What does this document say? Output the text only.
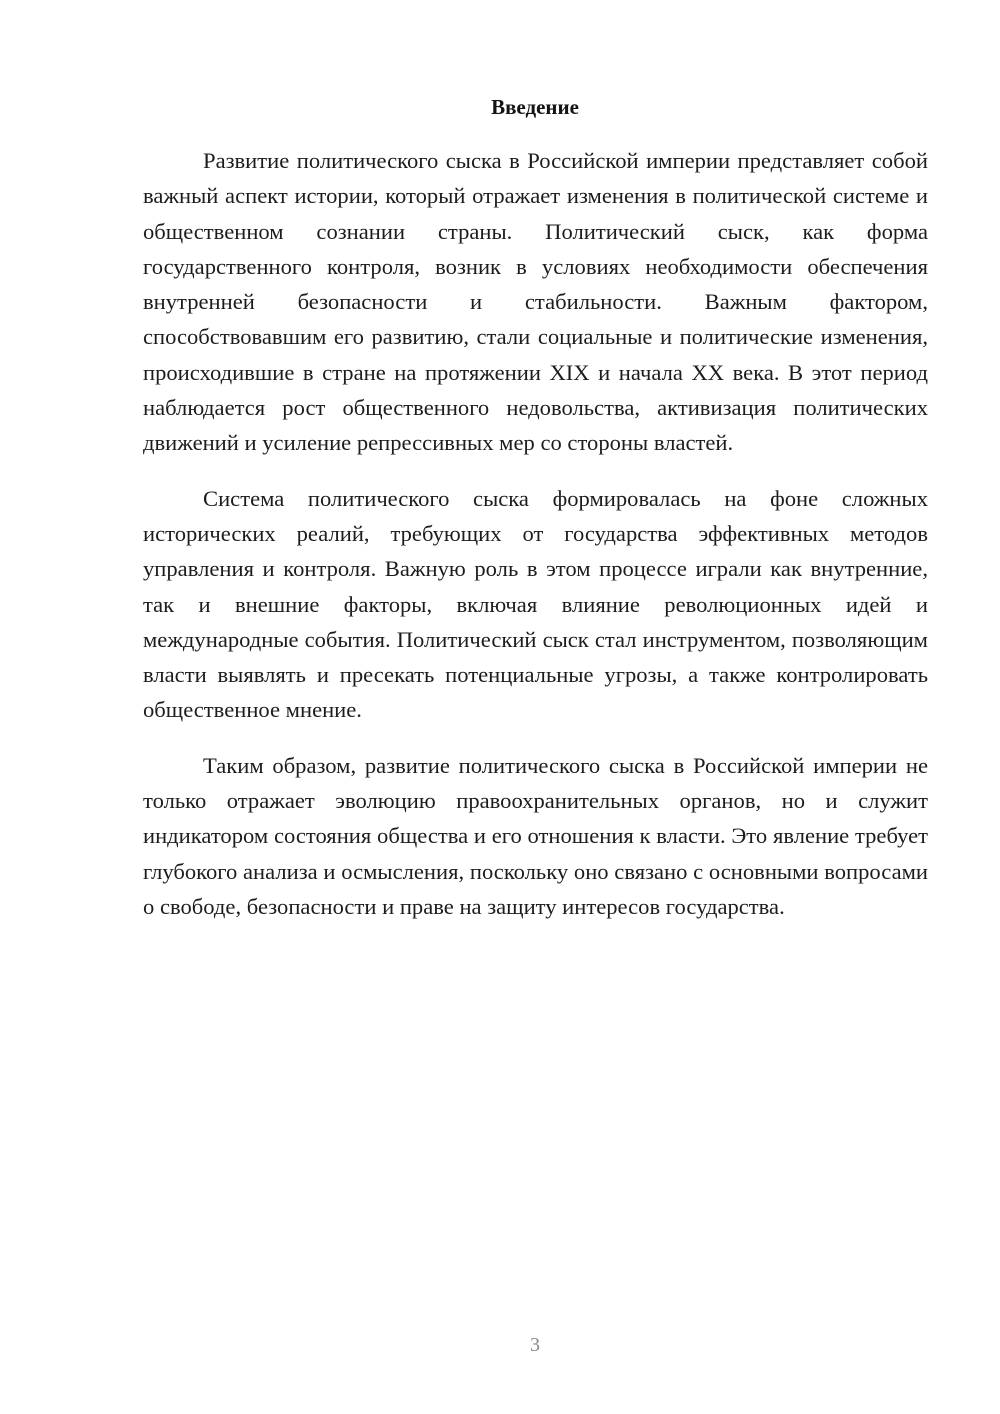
Введение

Развитие политического сыска в Российской империи представляет собой важный аспект истории, который отражает изменения в политической системе и общественном сознании страны. Политический сыск, как форма государственного контроля, возник в условиях необходимости обеспечения внутренней безопасности и стабильности. Важным фактором, способствовавшим его развитию, стали социальные и политические изменения, происходившие в стране на протяжении XIX и начала XX века. В этот период наблюдается рост общественного недовольства, активизация политических движений и усиление репрессивных мер со стороны властей.

Система политического сыска формировалась на фоне сложных исторических реалий, требующих от государства эффективных методов управления и контроля. Важную роль в этом процессе играли как внутренние, так и внешние факторы, включая влияние революционных идей и международные события. Политический сыск стал инструментом, позволяющим власти выявлять и пресекать потенциальные угрозы, а также контролировать общественное мнение.

Таким образом, развитие политического сыска в Российской империи не только отражает эволюцию правоохранительных органов, но и служит индикатором состояния общества и его отношения к власти. Это явление требует глубокого анализа и осмысления, поскольку оно связано с основными вопросами о свободе, безопасности и праве на защиту интересов государства.

3
